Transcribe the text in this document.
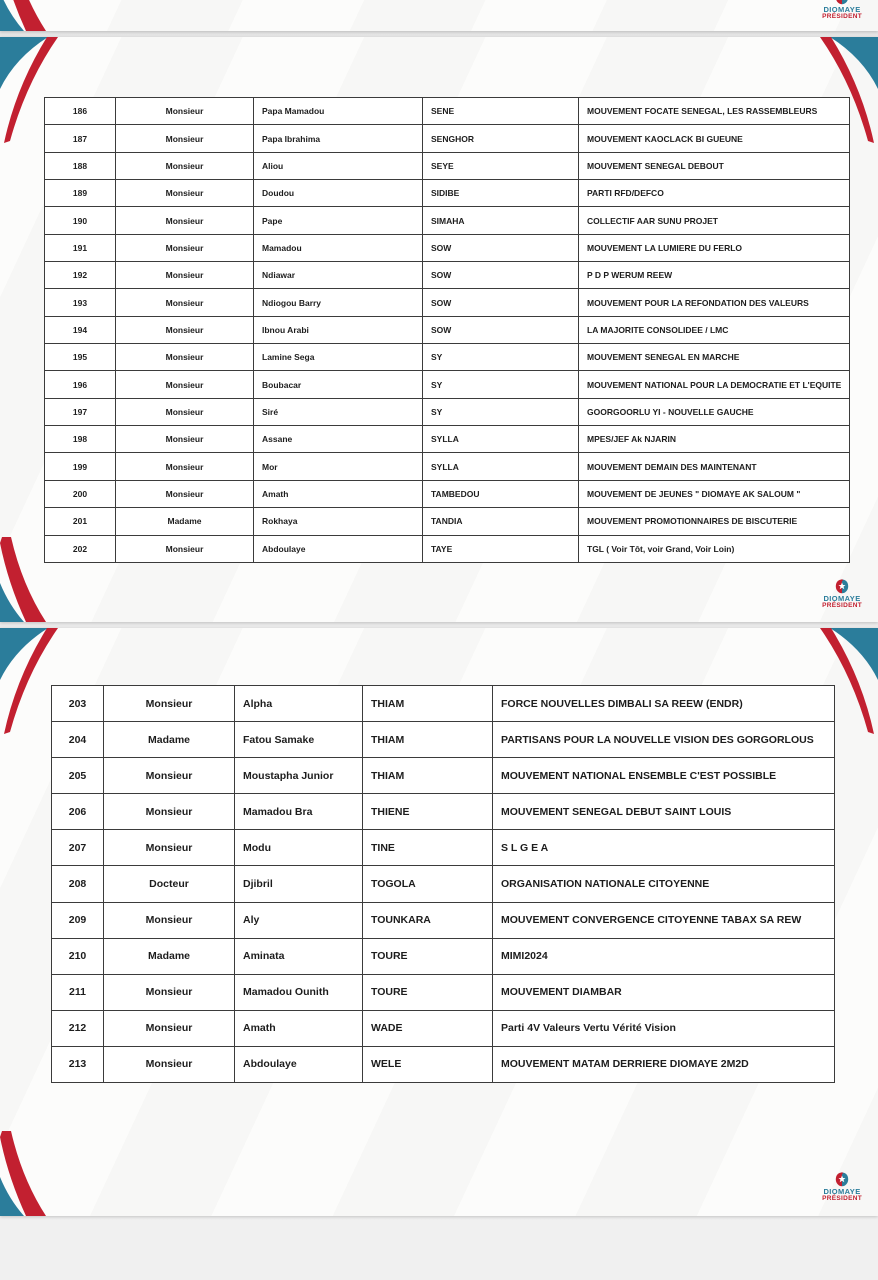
DIOMAYE
PRÉSIDENT
186	Monsieur	Papa Mamadou	SENE	MOUVEMENT FOCATE SENEGAL, LES RASSEMBLEURS
187	Monsieur	Papa Ibrahima	SENGHOR	MOUVEMENT KAOCLACK BI GUEUNE
188	Monsieur	Aliou	SEYE	MOUVEMENT SENEGAL DEBOUT
189	Monsieur	Doudou	SIDIBE	PARTI RFD/DEFCO
190	Monsieur	Pape	SIMAHA	COLLECTIF AAR SUNU PROJET
191	Monsieur	Mamadou	SOW	MOUVEMENT LA LUMIERE DU FERLO
192	Monsieur	Ndiawar	SOW	P D P WERUM REEW
193	Monsieur	Ndiogou Barry	SOW	MOUVEMENT POUR LA REFONDATION DES VALEURS
194	Monsieur	Ibnou Arabi	SOW	LA MAJORITE CONSOLIDEE / LMC
195	Monsieur	Lamine Sega	SY	MOUVEMENT SENEGAL EN MARCHE
196	Monsieur	Boubacar	SY	MOUVEMENT NATIONAL POUR LA DEMOCRATIE ET L'EQUITE
197	Monsieur	Siré	SY	GOORGOORLU YI - NOUVELLE GAUCHE
198	Monsieur	Assane	SYLLA	MPES/JEF Ak NJARIN
199	Monsieur	Mor	SYLLA	MOUVEMENT DEMAIN DES MAINTENANT
200	Monsieur	Amath	TAMBEDOU	MOUVEMENT DE JEUNES " DIOMAYE AK SALOUM "
201	Madame	Rokhaya	TANDIA	MOUVEMENT PROMOTIONNAIRES DE BISCUTERIE
202	Monsieur	Abdoulaye	TAYE	TGL ( Voir Tôt, voir Grand, Voir Loin)
DIOMAYE
PRÉSIDENT
203	Monsieur	Alpha	THIAM	FORCE NOUVELLES DIMBALI SA REEW (ENDR)
204	Madame	Fatou Samake	THIAM	PARTISANS POUR LA NOUVELLE VISION DES GORGORLOUS
205	Monsieur	Moustapha Junior	THIAM	MOUVEMENT NATIONAL ENSEMBLE C'EST POSSIBLE
206	Monsieur	Mamadou Bra	THIENE	MOUVEMENT SENEGAL DEBUT SAINT LOUIS
207	Monsieur	Modu	TINE	S L G E A
208	Docteur	Djibril	TOGOLA	ORGANISATION NATIONALE CITOYENNE
209	Monsieur	Aly	TOUNKARA	MOUVEMENT CONVERGENCE CITOYENNE TABAX SA REW
210	Madame	Aminata	TOURE	MIMI2024
211	Monsieur	Mamadou Ounith	TOURE	MOUVEMENT DIAMBAR
212	Monsieur	Amath	WADE	Parti 4V Valeurs Vertu Vérité Vision
213	Monsieur	Abdoulaye	WELE	MOUVEMENT MATAM DERRIERE DIOMAYE 2M2D
DIOMAYE
PRÉSIDENT
